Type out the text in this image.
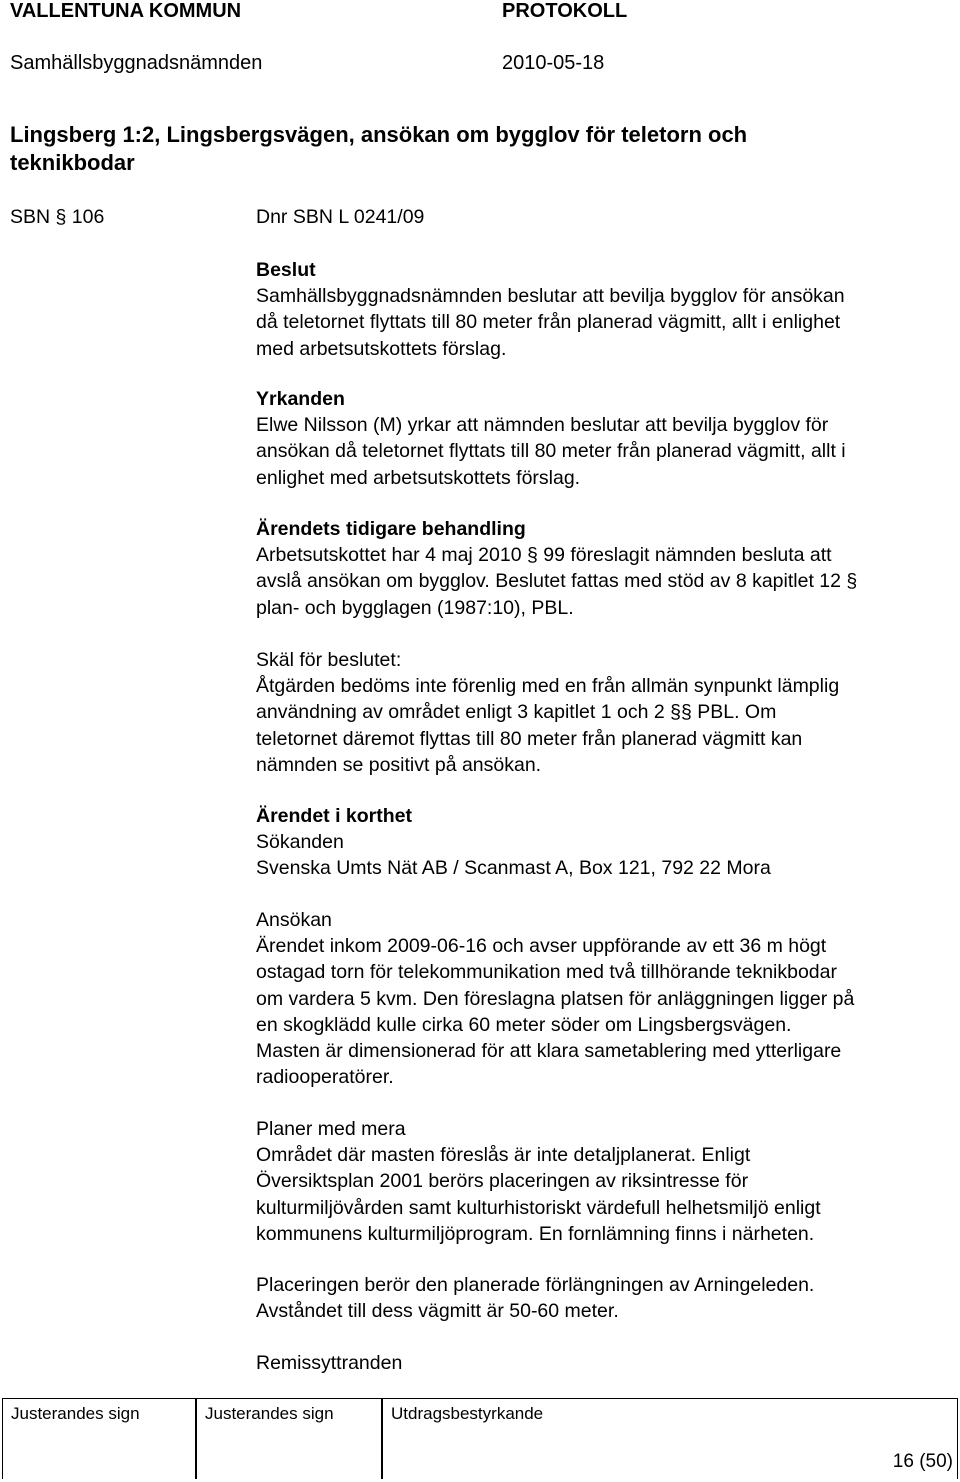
VALLENTUNA KOMMUN	PROTOKOLL
Samhällsbyggnadsnämnden	2010-05-18
Lingsberg 1:2, Lingsbergsvägen, ansökan om bygglov för teletorn och
teknikbodar
SBN § 106	Dnr SBN L 0241/09

Beslut

Samhällsbyggnadsnämnden beslutar att bevilja bygglov för ansökan

då teletornet flyttats till 80 meter från planerad vägmitt, allt i enlighet

med arbetsutskottets förslag.

Yrkanden

Elwe Nilsson (M) yrkar att nämnden beslutar att bevilja bygglov för

ansökan då teletornet flyttats till 80 meter från planerad vägmitt, allt i

enlighet med arbetsutskottets förslag.

Ärendets tidigare behandling

Arbetsutskottet har 4 maj 2010 § 99 föreslagit nämnden besluta att

avslå ansökan om bygglov. Beslutet fattas med stöd av 8 kapitlet 12 §

plan- och bygglagen (1987:10), PBL.

Skäl för beslutet:

Åtgärden bedöms inte förenlig med en från allmän synpunkt lämplig

användning av området enligt 3 kapitlet 1 och 2 §§ PBL. Om

teletornet däremot flyttas till 80 meter från planerad vägmitt kan

nämnden se positivt på ansökan.

Ärendet i korthet

Sökanden

Svenska Umts Nät AB / Scanmast A, Box 121, 792 22 Mora

Ansökan

Ärendet inkom 2009-06-16 och avser uppförande av ett 36 m högt

ostagad torn för telekommunikation med två tillhörande teknikbodar

om vardera 5 kvm. Den föreslagna platsen för anläggningen ligger på

en skogklädd kulle cirka 60 meter söder om Lingsbergsvägen.

Masten är dimensionerad för att klara sametablering med ytterligare

radiooperatörer.

Planer med mera

Området där masten föreslås är inte detaljplanerat. Enligt

Översiktsplan 2001 berörs placeringen av riksintresse för

kulturmiljövården samt kulturhistoriskt värdefull helhetsmiljö enligt

kommunens kulturmiljöprogram. En fornlämning finns i närheten.

Placeringen berör den planerade förlängningen av Arningeleden.

Avståndet till dess vägmitt är 50-60 meter.

Remissyttranden

Justerandes sign	Justerandes sign	Utdragsbestyrkande
16 (50)
